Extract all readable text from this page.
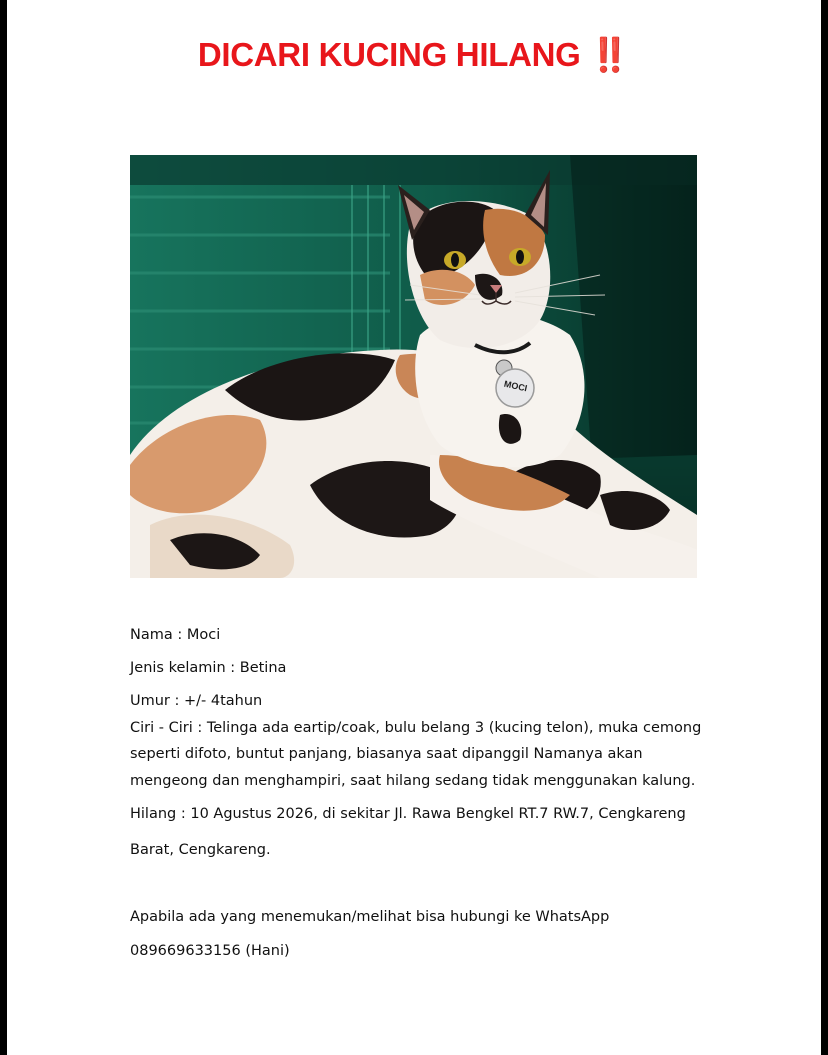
DICARI KUCING HILANG ‼️
MOCI

Nama : Moci

Jenis kelamin : Betina

Umur : +/- 4tahun

Ciri - Ciri : Telinga ada eartip/coak, bulu belang 3 (kucing telon), muka cemong

seperti difoto, buntut panjang, biasanya saat dipanggil Namanya akan

mengeong dan menghampiri, saat hilang sedang tidak menggunakan kalung.

Hilang : 10 Agustus 2026, di sekitar Jl. Rawa Bengkel RT.7 RW.7, Cengkareng

Barat, Cengkareng.

Apabila ada yang menemukan/melihat bisa hubungi ke WhatsApp

089669633156 (Hani)
